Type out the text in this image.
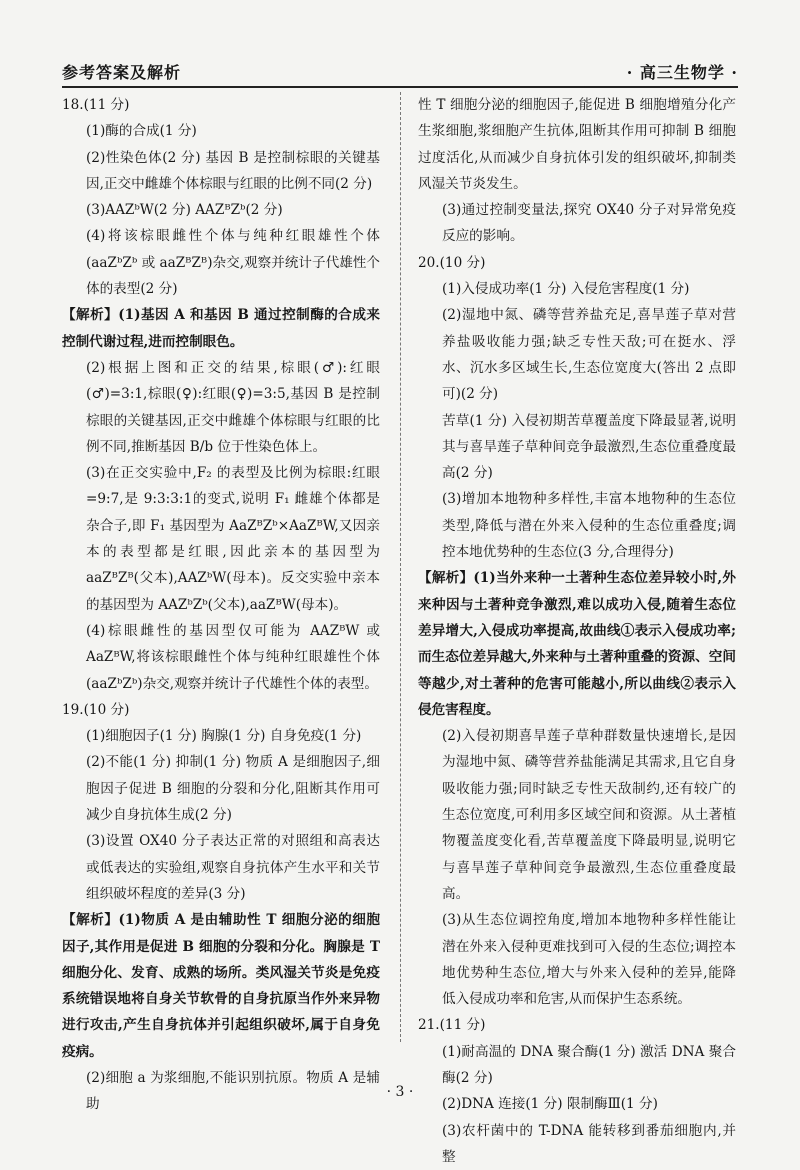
参考答案及解析	· 高三生物学 ·

18.(11 分)

(1)酶的合成(1 分)

(2)性染色体(2 分) 基因 B 是控制棕眼的关键基因,正交中雌雄个体棕眼与红眼的比例不同(2 分)

(3)AAZᵇW(2 分) AAZᴮZᵇ(2 分)

(4)将该棕眼雌性个体与纯种红眼雄性个体(aaZᵇZᵇ 或 aaZᴮZᴮ)杂交,观察并统计子代雄性个体的表型(2 分)

【解析】(1)基因 A 和基因 B 通过控制酶的合成来控制代谢过程,进而控制眼色。

(2)根据上图和正交的结果,棕眼(♂):红眼(♂)=3:1,棕眼(♀):红眼(♀)=3:5,基因 B 是控制棕眼的关键基因,正交中雌雄个体棕眼与红眼的比例不同,推断基因 B/b 位于性染色体上。

(3)在正交实验中,F₂ 的表型及比例为棕眼:红眼=9:7,是 9:3:3:1的变式,说明 F₁ 雌雄个体都是杂合子,即 F₁ 基因型为 AaZᴮZᵇ×AaZᴮW,又因亲本的表型都是红眼,因此亲本的基因型为 aaZᴮZᴮ(父本),AAZᵇW(母本)。反交实验中亲本的基因型为 AAZᵇZᵇ(父本),aaZᴮW(母本)。

(4)棕眼雌性的基因型仅可能为 AAZᴮW 或 AaZᴮW,将该棕眼雌性个体与纯种红眼雄性个体(aaZᵇZᵇ)杂交,观察并统计子代雄性个体的表型。

19.(10 分)

(1)细胞因子(1 分) 胸腺(1 分) 自身免疫(1 分)

(2)不能(1 分) 抑制(1 分) 物质 A 是细胞因子,细胞因子促进 B 细胞的分裂和分化,阻断其作用可减少自身抗体生成(2 分)

(3)设置 OX40 分子表达正常的对照组和高表达或低表达的实验组,观察自身抗体产生水平和关节组织破坏程度的差异(3 分)

【解析】(1)物质 A 是由辅助性 T 细胞分泌的细胞因子,其作用是促进 B 细胞的分裂和分化。胸腺是 T 细胞分化、发育、成熟的场所。类风湿关节炎是免疫系统错误地将自身关节软骨的自身抗原当作外来异物进行攻击,产生自身抗体并引起组织破坏,属于自身免疫病。

(2)细胞 a 为浆细胞,不能识别抗原。物质 A 是辅助

性 T 细胞分泌的细胞因子,能促进 B 细胞增殖分化产生浆细胞,浆细胞产生抗体,阻断其作用可抑制 B 细胞过度活化,从而减少自身抗体引发的组织破坏,抑制类风湿关节炎发生。

(3)通过控制变量法,探究 OX40 分子对异常免疫反应的影响。

20.(10 分)

(1)入侵成功率(1 分) 入侵危害程度(1 分)

(2)湿地中氮、磷等营养盐充足,喜旱莲子草对营养盐吸收能力强;缺乏专性天敌;可在挺水、浮水、沉水多区域生长,生态位宽度大(答出 2 点即可)(2 分)

苦草(1 分) 入侵初期苦草覆盖度下降最显著,说明其与喜旱莲子草种间竞争最激烈,生态位重叠度最高(2 分)

(3)增加本地物种多样性,丰富本地物种的生态位类型,降低与潜在外来入侵种的生态位重叠度;调控本地优势种的生态位(3 分,合理得分)

【解析】(1)当外来种一土著种生态位差异较小时,外来种因与土著种竞争激烈,难以成功入侵,随着生态位差异增大,入侵成功率提高,故曲线①表示入侵成功率;而生态位差异越大,外来种与土著种重叠的资源、空间等越少,对土著种的危害可能越小,所以曲线②表示入侵危害程度。

(2)入侵初期喜旱莲子草种群数量快速增长,是因为湿地中氮、磷等营养盐能满足其需求,且它自身吸收能力强;同时缺乏专性天敌制约,还有较广的生态位宽度,可利用多区域空间和资源。从土著植物覆盖度变化看,苦草覆盖度下降最明显,说明它与喜旱莲子草种间竞争最激烈,生态位重叠度最高。

(3)从生态位调控角度,增加本地物种多样性能让潜在外来入侵种更难找到可入侵的生态位;调控本地优势种生态位,增大与外来入侵种的差异,能降低入侵成功率和危害,从而保护生态系统。

21.(11 分)

(1)耐高温的 DNA 聚合酶(1 分) 激活 DNA 聚合酶(2 分)

(2)DNA 连接(1 分) 限制酶Ⅲ(1 分)

(3)农杆菌中的 T-DNA 能转移到番茄细胞内,并整

· 3 ·
